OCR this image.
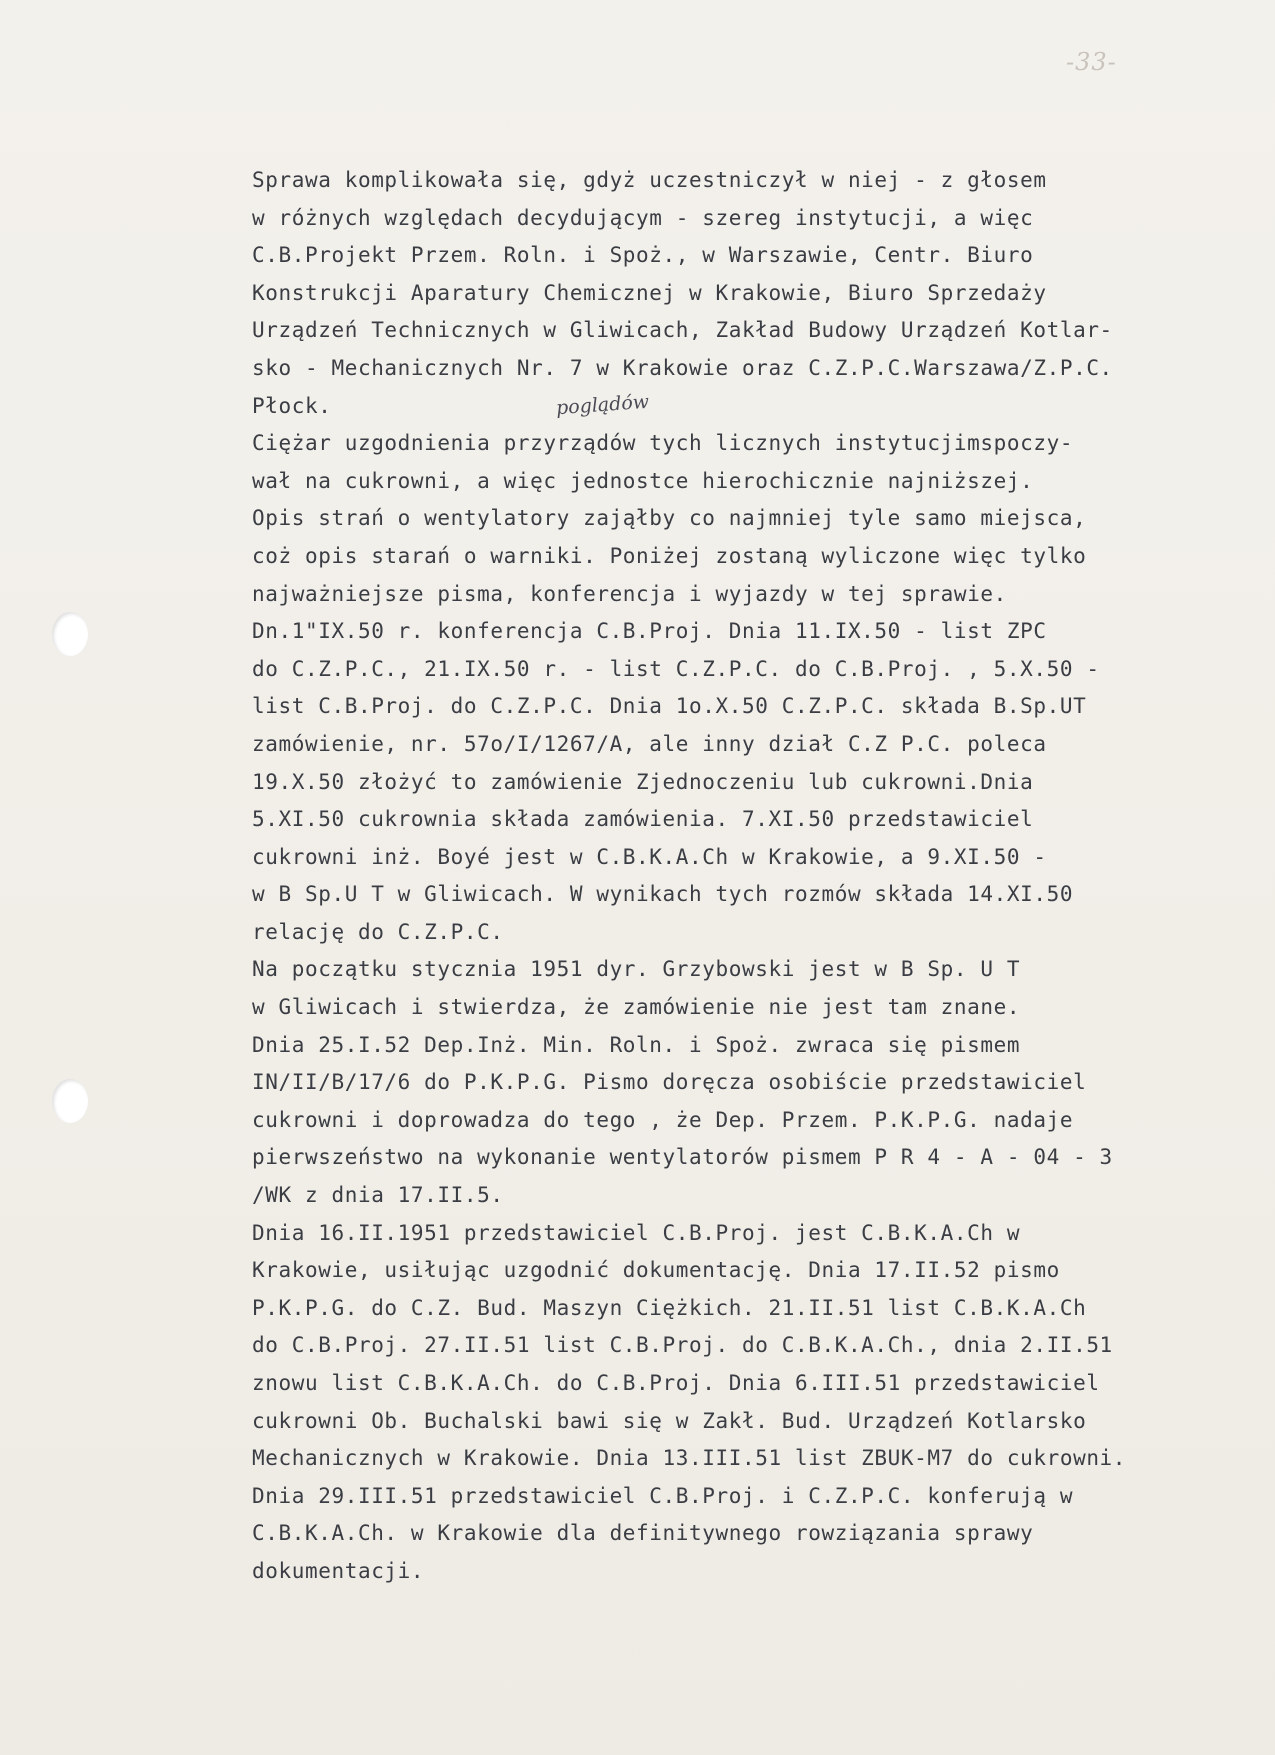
-33-
poglądów
Sprawa komplikowała się, gdyż uczestniczył w niej - z głosem
w różnych względach decydującym - szereg instytucji, a więc
C.B.Projekt Przem. Roln. i Spoż., w Warszawie, Centr. Biuro
Konstrukcji Aparatury Chemicznej w Krakowie, Biuro Sprzedaży
Urządzeń Technicznych w Gliwicach, Zakład Budowy Urządzeń Kotlar-
sko - Mechanicznych Nr. 7 w Krakowie oraz C.Z.P.C.Warszawa/Z.P.C.
Płock.
Ciężar uzgodnienia przyrządów tych licznych instytucjimspoczy-
wał na cukrowni, a więc jednostce hierochicznie najniższej.
Opis strań o wentylatory zająłby co najmniej tyle samo miejsca,
coż opis starań o warniki. Poniżej zostaną wyliczone więc tylko
najważniejsze pisma, konferencja i wyjazdy w tej sprawie.
Dn.1"IX.50 r. konferencja C.B.Proj. Dnia 11.IX.50 - list ZPC
do C.Z.P.C., 21.IX.50 r. - list C.Z.P.C. do C.B.Proj. , 5.X.50 -
list C.B.Proj. do C.Z.P.C. Dnia 1o.X.50 C.Z.P.C. składa B.Sp.UT
zamówienie, nr. 57o/I/1267/A, ale inny dział C.Z P.C. poleca
19.X.50 złożyć to zamówienie Zjednoczeniu lub cukrowni.Dnia
5.XI.50 cukrownia składa zamówienia. 7.XI.50 przedstawiciel
cukrowni inż. Boyé jest w C.B.K.A.Ch w Krakowie, a 9.XI.50 -
w B Sp.U T w Gliwicach. W wynikach tych rozmów składa 14.XI.50
relację do C.Z.P.C.
Na początku stycznia 1951 dyr. Grzybowski jest w B Sp. U T
w Gliwicach i stwierdza, że zamówienie nie jest tam znane.
Dnia 25.I.52 Dep.Inż. Min. Roln. i Spoż. zwraca się pismem
IN/II/B/17/6 do P.K.P.G. Pismo doręcza osobiście przedstawiciel
cukrowni i doprowadza do tego , że Dep. Przem. P.K.P.G. nadaje
pierwszeństwo na wykonanie wentylatorów pismem P R 4 - A - 04 - 3
/WK z dnia 17.II.5.
Dnia 16.II.1951 przedstawiciel C.B.Proj. jest C.B.K.A.Ch w
Krakowie, usiłując uzgodnić dokumentację. Dnia 17.II.52 pismo
P.K.P.G. do C.Z. Bud. Maszyn Ciężkich. 21.II.51 list C.B.K.A.Ch
do C.B.Proj. 27.II.51 list C.B.Proj. do C.B.K.A.Ch., dnia 2.II.51
znowu list C.B.K.A.Ch. do C.B.Proj. Dnia 6.III.51 przedstawiciel
cukrowni Ob. Buchalski bawi się w Zakł. Bud. Urządzeń Kotlarsko
Mechanicznych w Krakowie. Dnia 13.III.51 list ZBUK-M7 do cukrowni.
Dnia 29.III.51 przedstawiciel C.B.Proj. i C.Z.P.C. konferują w
C.B.K.A.Ch. w Krakowie dla definitywnego rowziązania sprawy
dokumentacji.
